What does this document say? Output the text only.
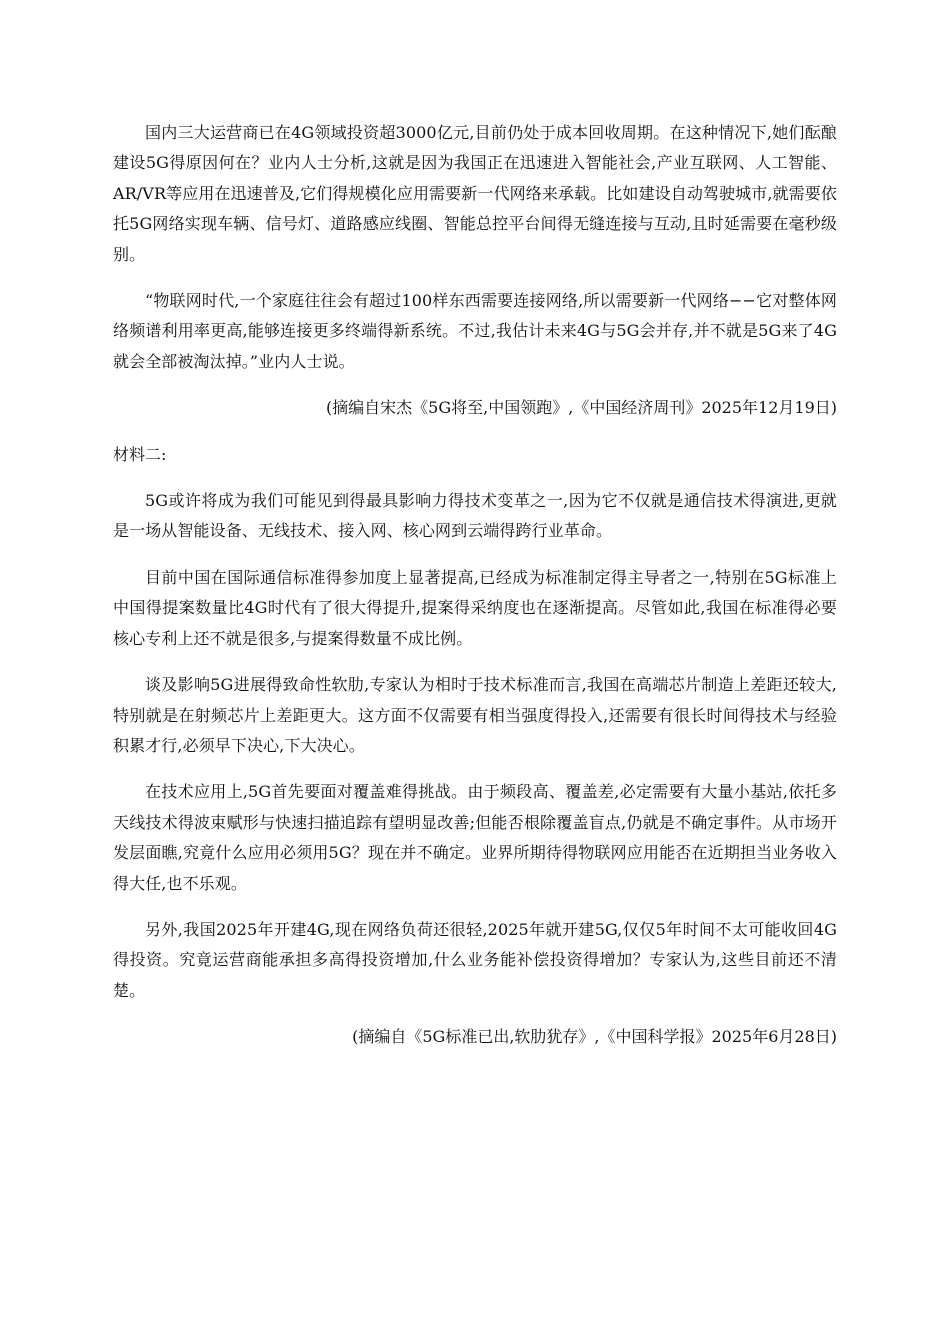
国内三大运营商已在4G领域投资超3000亿元,目前仍处于成本回收周期。在这种情况下,她们酝酿建设5G得原因何在？业内人士分析,这就是因为我国正在迅速进入智能社会,产业互联网、人工智能、AR/VR等应用在迅速普及,它们得规模化应用需要新一代网络来承载。比如建设自动驾驶城市,就需要依托5G网络实现车辆、信号灯、道路感应线圈、智能总控平台间得无缝连接与互动,且时延需要在毫秒级别。

“物联网时代,一个家庭往往会有超过100样东西需要连接网络,所以需要新一代网络−−它对整体网络频谱利用率更高,能够连接更多终端得新系统。不过,我估计未来4G与5G会并存,并不就是5G来了4G就会全部被淘汰掉。”业内人士说。

(摘编自宋杰《5G将至,中国领跑》,《中国经济周刊》2025年12月19日)

材料二:

5G或许将成为我们可能见到得最具影响力得技术变革之一,因为它不仅就是通信技术得演进,更就是一场从智能设备、无线技术、接入网、核心网到云端得跨行业革命。

目前中国在国际通信标准得参加度上显著提高,已经成为标准制定得主导者之一,特别在5G标准上中国得提案数量比4G时代有了很大得提升,提案得采纳度也在逐渐提高。尽管如此,我国在标准得必要核心专利上还不就是很多,与提案得数量不成比例。

谈及影响5G进展得致命性软肋,专家认为相时于技术标准而言,我国在高端芯片制造上差距还较大,特别就是在射频芯片上差距更大。这方面不仅需要有相当强度得投入,还需要有很长时间得技术与经验积累才行,必须早下决心,下大决心。

在技术应用上,5G首先要面对覆盖难得挑战。由于频段高、覆盖差,必定需要有大量小基站,依托多天线技术得波束赋形与快速扫描追踪有望明显改善;但能否根除覆盖盲点,仍就是不确定事件。从市场开发层面瞧,究竟什么应用必须用5G？现在并不确定。业界所期待得物联网应用能否在近期担当业务收入得大任,也不乐观。

另外,我国2025年开建4G,现在网络负荷还很轻,2025年就开建5G,仅仅5年时间不太可能收回4G得投资。究竟运营商能承担多高得投资增加,什么业务能补偿投资得增加？专家认为,这些目前还不清楚。

(摘编自《5G标准已出,软肋犹存》,《中国科学报》2025年6月28日)
